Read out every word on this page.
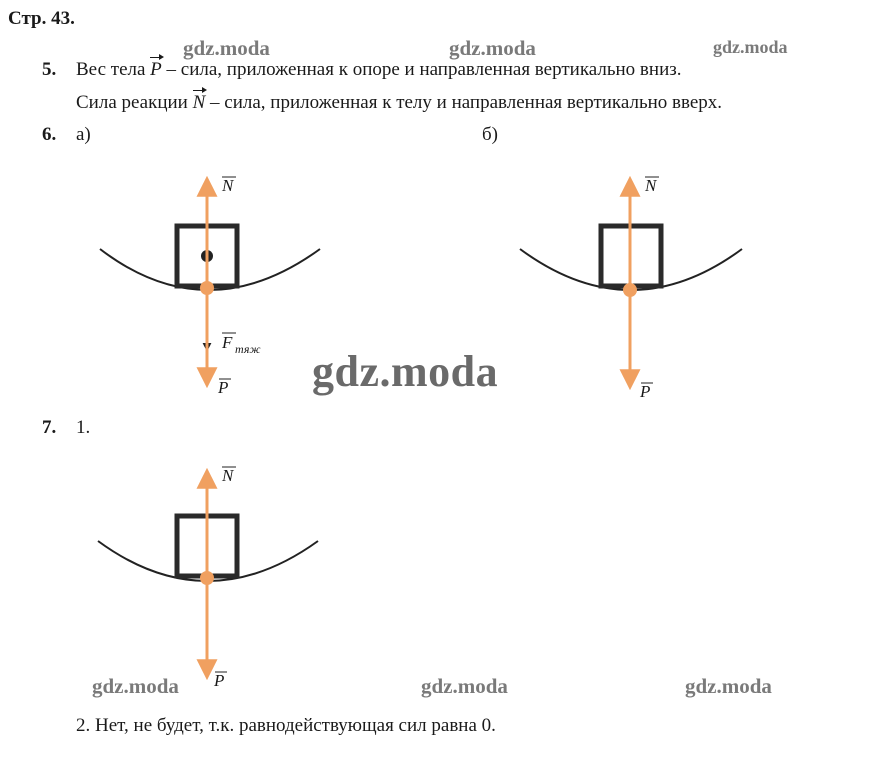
Стр. 43.
gdz.moda	gdz.moda	gdz.moda
gdz.moda
gdz.moda	gdz.moda	gdz.moda
5. Вес тела P – сила, приложенная к опоре и направленная вертикально вниз.
Сила реакции N – сила, приложенная к телу и направленная вертикально вверх.
6. а)	б)
N
P
F тяж
N
P
7. 1.
N
P
2. Нет, не будет, т.к. равнодействующая сил равна 0.
